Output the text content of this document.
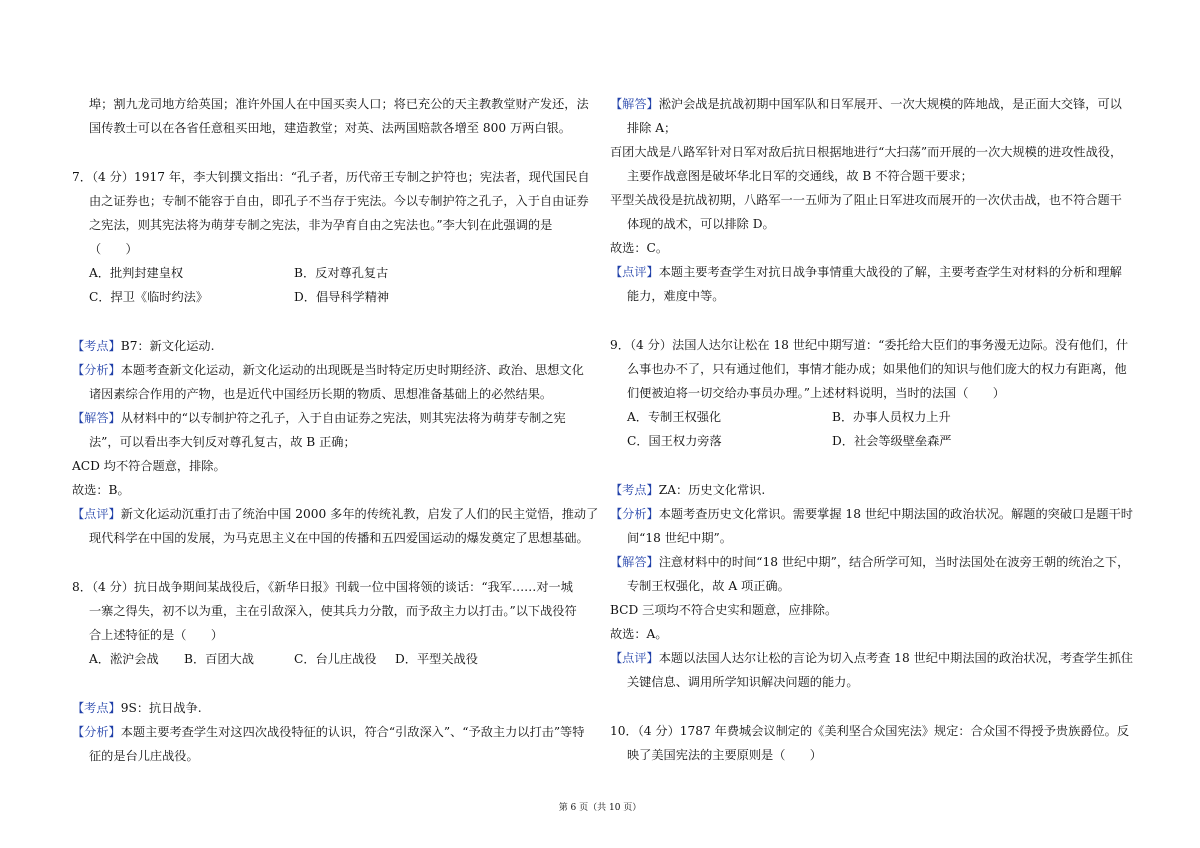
埠；割九龙司地方给英国；准许外国人在中国买卖人口；将已充公的天主教教堂财产发还，法
国传教士可以在各省任意租买田地，建造教堂；对英、法两国赔款各增至 800 万两白银。
7．（4 分）1917 年，李大钊撰文指出：“孔子者，历代帝王专制之护符也；宪法者，现代国民自
由之证券也；专制不能容于自由，即孔子不当存于宪法。今以专制护符之孔子，入于自由证券
之宪法，则其宪法将为萌芽专制之宪法，非为孕育自由之宪法也。”李大钊在此强调的是
（　　）
A．批判封建皇权	B．反对尊孔复古
C．捍卫《临时约法》	D．倡导科学精神
【考点】B7：新文化运动.
【分析】本题考查新文化运动，新文化运动的出现既是当时特定历史时期经济、政治、思想文化
诸因素综合作用的产物，也是近代中国经历长期的物质、思想准备基础上的必然结果。
【解答】从材料中的“以专制护符之孔子，入于自由证券之宪法，则其宪法将为萌芽专制之宪
法”，可以看出李大钊反对尊孔复古，故 B 正确；
ACD 均不符合题意，排除。
故选：B。
【点评】新文化运动沉重打击了统治中国 2000 多年的传统礼教，启发了人们的民主觉悟，推动了
现代科学在中国的发展，为马克思主义在中国的传播和五四爱国运动的爆发奠定了思想基础。
8．（4 分）抗日战争期间某战役后，《新华日报》刊载一位中国将领的谈话：“我军……对一城
一寨之得失，初不以为重，主在引敌深入，使其兵力分散，而予敌主力以打击。”以下战役符
合上述特征的是（　　）
A．淞沪会战 B．百团大战	C．台儿庄战役 D．平型关战役
【考点】9S：抗日战争.
【分析】本题主要考查学生对这四次战役特征的认识，符合“引敌深入”、“予敌主力以打击”等特
征的是台儿庄战役。
【解答】淞沪会战是抗战初期中国军队和日军展开、一次大规模的阵地战，是正面大交锋，可以
排除 A；
百团大战是八路军针对日军对敌后抗日根据地进行“大扫荡”而开展的一次大规模的进攻性战役，
主要作战意图是破坏华北日军的交通线，故 B 不符合题干要求；
平型关战役是抗战初期，八路军一一五师为了阻止日军进攻而展开的一次伏击战，也不符合题干
体现的战术，可以排除 D。
故选：C。
【点评】本题主要考查学生对抗日战争事情重大战役的了解，主要考查学生对材料的分析和理解
能力，难度中等。
9．（4 分）法国人达尔让松在 18 世纪中期写道：“委托给大臣们的事务漫无边际。没有他们，什
么事也办不了，只有通过他们，事情才能办成；如果他们的知识与他们庞大的权力有距离，他
们便被迫将一切交给办事员办理。”上述材料说明，当时的法国（　　）
A．专制王权强化	B．办事人员权力上升
C．国王权力旁落	D．社会等级壁垒森严
【考点】ZA：历史文化常识.
【分析】本题考查历史文化常识。需要掌握 18 世纪中期法国的政治状况。解题的突破口是题干时
间“18 世纪中期”。
【解答】注意材料中的时间“18 世纪中期”，结合所学可知，当时法国处在波旁王朝的统治之下，
专制王权强化，故 A 项正确。
BCD 三项均不符合史实和题意，应排除。
故选：A。
【点评】本题以法国人达尔让松的言论为切入点考查 18 世纪中期法国的政治状况，考查学生抓住
关键信息、调用所学知识解决问题的能力。
10．（4 分）1787 年费城会议制定的《美利坚合众国宪法》规定：合众国不得授予贵族爵位。反
映了美国宪法的主要原则是（　　）
第 6 页（共 10 页）
